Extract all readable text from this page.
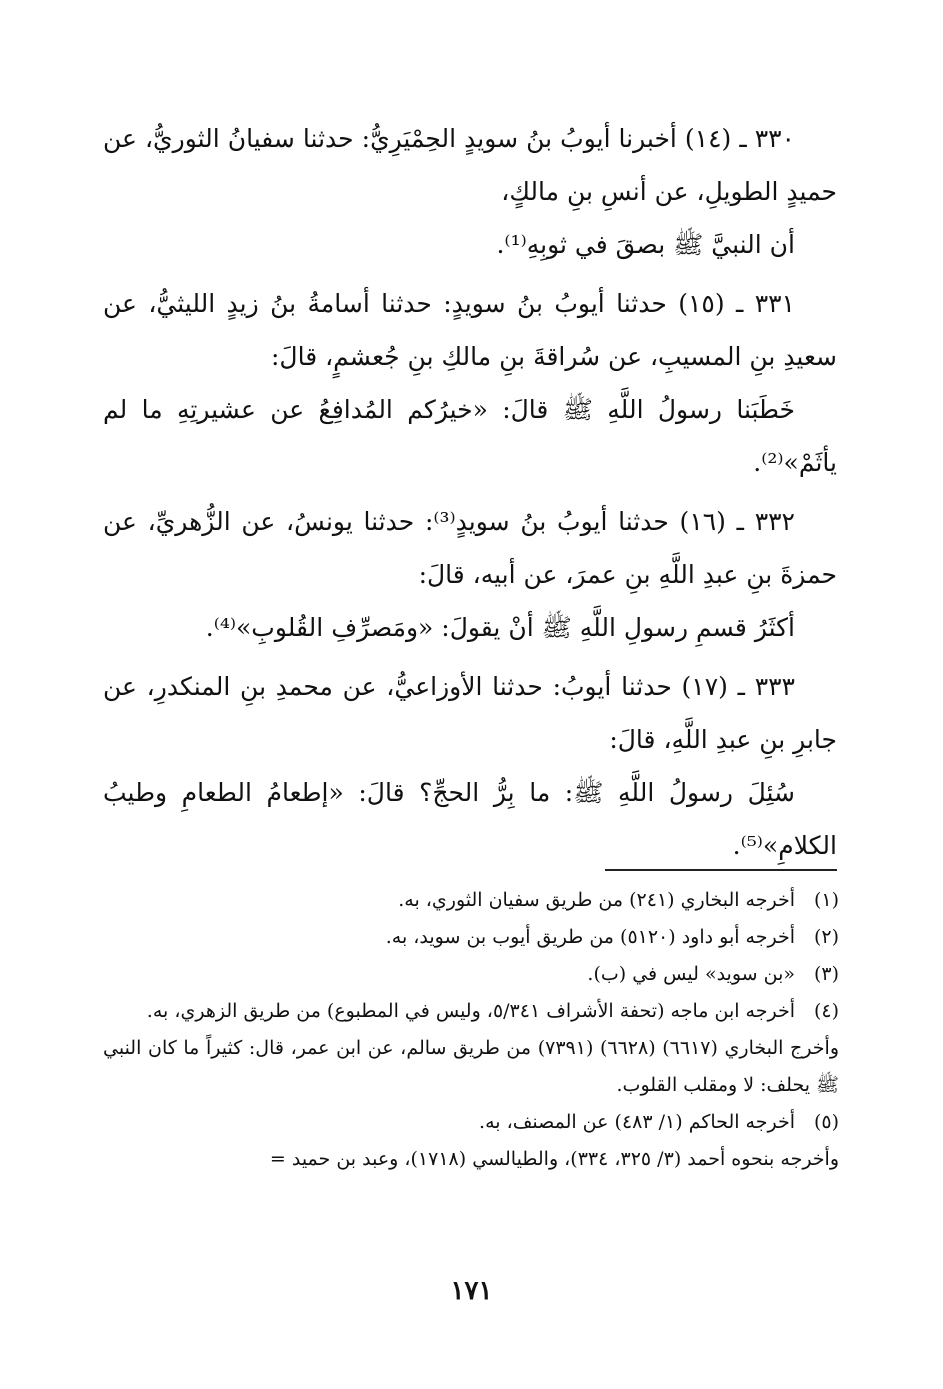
٣٣٠ ـ (١٤) أخبرنا أيوبُ بنُ سويدٍ الحِمْيَرِيُّ: حدثنا سفيانُ الثوريُّ، عن حميدٍ الطويلِ، عن أنسِ بنِ مالكٍ،

أن النبيَّ ﷺ بصقَ في ثوبِهِ⁽¹⁾.

٣٣١ ـ (١٥) حدثنا أيوبُ بنُ سويدٍ: حدثنا أسامةُ بنُ زيدٍ الليثيُّ، عن سعيدِ بنِ المسيبِ، عن سُراقةَ بنِ مالكِ بنِ جُعشمٍ، قالَ:

خَطَبَنا رسولُ اللَّهِ ﷺ قالَ: «خيرُكم المُدافِعُ عن عشيرتِهِ ما لم يأثَمْ»⁽²⁾.

٣٣٢ ـ (١٦) حدثنا أيوبُ بنُ سويدٍ⁽³⁾: حدثنا يونسُ، عن الزُّهريِّ، عن حمزةَ بنِ عبدِ اللَّهِ بنِ عمرَ، عن أبيه، قالَ:

أكثَرُ قسمِ رسولِ اللَّهِ ﷺ أنْ يقولَ: «ومَصرِّفِ القُلوبِ»⁽⁴⁾.

٣٣٣ ـ (١٧) حدثنا أيوبُ: حدثنا الأوزاعيُّ، عن محمدِ بنِ المنكدرِ، عن جابرِ بنِ عبدِ اللَّهِ، قالَ:

سُئِلَ رسولُ اللَّهِ ﷺ: ما بِرُّ الحجِّ؟ قالَ: «إطعامُ الطعامِ وطيبُ الكلامِ»⁽⁵⁾.

(١)
أخرجه البخاري (٢٤١) من طريق سفيان الثوري، به.
(٢)
أخرجه أبو داود (٥١٢٠) من طريق أيوب بن سويد، به.
(٣)
«بن سويد» ليس في (ب).
(٤)
أخرجه ابن ماجه (تحفة الأشراف ٥/٣٤١، وليس في المطبوع) من طريق الزهري، به.
وأخرج البخاري (٦٦١٧) (٦٦٢٨) (٧٣٩١) من طريق سالم، عن ابن عمر، قال: كثيراً ما كان النبي ﷺ يحلف: لا ومقلب القلوب.
(٥)
أخرجه الحاكم (١/ ٤٨٣) عن المصنف، به.
وأخرجه بنحوه أحمد (٣/ ٣٢٥، ٣٣٤)، والطيالسي (١٧١٨)، وعبد بن حميد =
١٧١
